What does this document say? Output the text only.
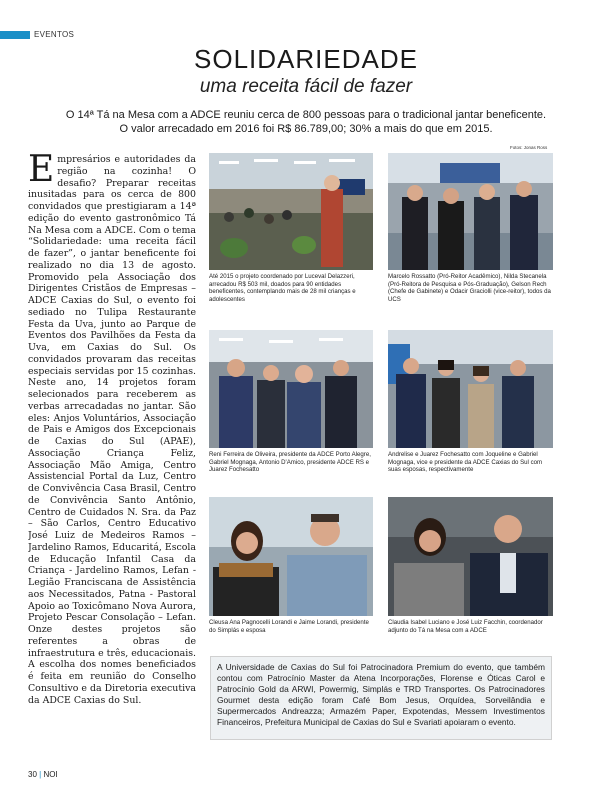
EVENTOS
SOLIDARIEDADE
uma receita fácil de fazer
O 14ª Tá na Mesa com a ADCE reuniu cerca de 800 pessoas para o tradicional jantar beneficente.
O valor arrecadado em 2016 foi R$ 86.789,00; 30% a mais do que em 2015.
Empresários e autoridades da região na cozinha! O desafio? Preparar receitas inusitadas para os cerca de 800 convidados que prestigiaram a 14ª edição do evento gastronômico Tá Na Mesa com a ADCE. Com o tema “Solidariedade: uma receita fácil de fazer”, o jantar beneficente foi realizado no dia 13 de agosto. Promovido pela Associação dos Dirigentes Cristãos de Empresas – ADCE Caxias do Sul, o evento foi sediado no Tulipa Restaurante Festa da Uva, junto ao Parque de Eventos dos Pavilhões da Festa da Uva, em Caxias do Sul. Os convidados provaram das receitas especiais servidas por 15 cozinhas. Neste ano, 14 projetos foram selecionados para receberem as verbas arrecadadas no jantar. São eles: Anjos Voluntários, Associação de Pais e Amigos dos Excepcionais de Caxias do Sul (APAE), Associação Criança Feliz, Associação Mão Amiga, Centro Assistencial Portal da Luz, Centro de Convivência Casa Brasil, Centro de Convivência Santo Antônio, Centro de Cuidados N. Sra. da Paz – São Carlos, Centro Educativo José Luiz de Medeiros Ramos – Jardelino Ramos, Educaritá, Escola de Educação Infantil Casa da Criança - Jardelino Ramos, Lefan - Legião Franciscana de Assistência aos Necessitados, Patna - Pastoral Apoio ao Toxicômano Nova Aurora, Projeto Pescar Consolação – Lefan. Onze destes projetos são referentes a obras de infraestrutura e três, educacionais. A escolha dos nomes beneficiados é feita em reunião do Conselho Consultivo e da Diretoria executiva da ADCE Caxias do Sul.
Fotos: Jonas Ross
Até 2015 o projeto coordenado por Luceval Delazzeri, arrecadou R$ 503 mil, doados para 90 entidades beneficentes, contemplando mais de 28 mil crianças e adolescentes
Marcelo Rossatto (Pró-Reitor Acadêmico), Nilda Stecanela (Pró-Reitora de Pesquisa e Pós-Graduação), Gelson Rech (Chefe de Gabinete) e Odacir Graciolli (vice-reitor), todos da UCS
Reni Ferreira de Oliveira, presidente da ADCE Porto Alegre, Gabriel Mognaga, Antonio D'Amico, presidente ADCE RS e Juarez Fochesatto
Andrelise e Juarez Fochesatto com Joqueline e Gabriel Mognaga, vice e presidente da ADCE Caxias do Sul com suas esposas, respectivamente
Cleusa Ana Pagnocelli Lorandi e Jaime Lorandi, presidente do Simplás e esposa
Claudia Isabel Luciano e José Luiz Facchin, coordenador adjunto do Tá na Mesa com a ADCE
A Universidade de Caxias do Sul foi Patrocinadora Premium do evento, que também contou com Patrocínio Master da Atena Incorporações, Florense e Óticas Carol e Patrocínio Gold da ARWI, Powermig, Simplás e TRD Transportes. Os Patrocinadores Gourmet desta edição foram Café Bom Jesus, Orquídea, Sorveilândia e Supermercados Andreazza; Armazém Paper, Expotendas, Messem Investimentos Financeiros, Prefeitura Municipal de Caxias do Sul e Svariati apoiaram o evento.
30 | NOI
